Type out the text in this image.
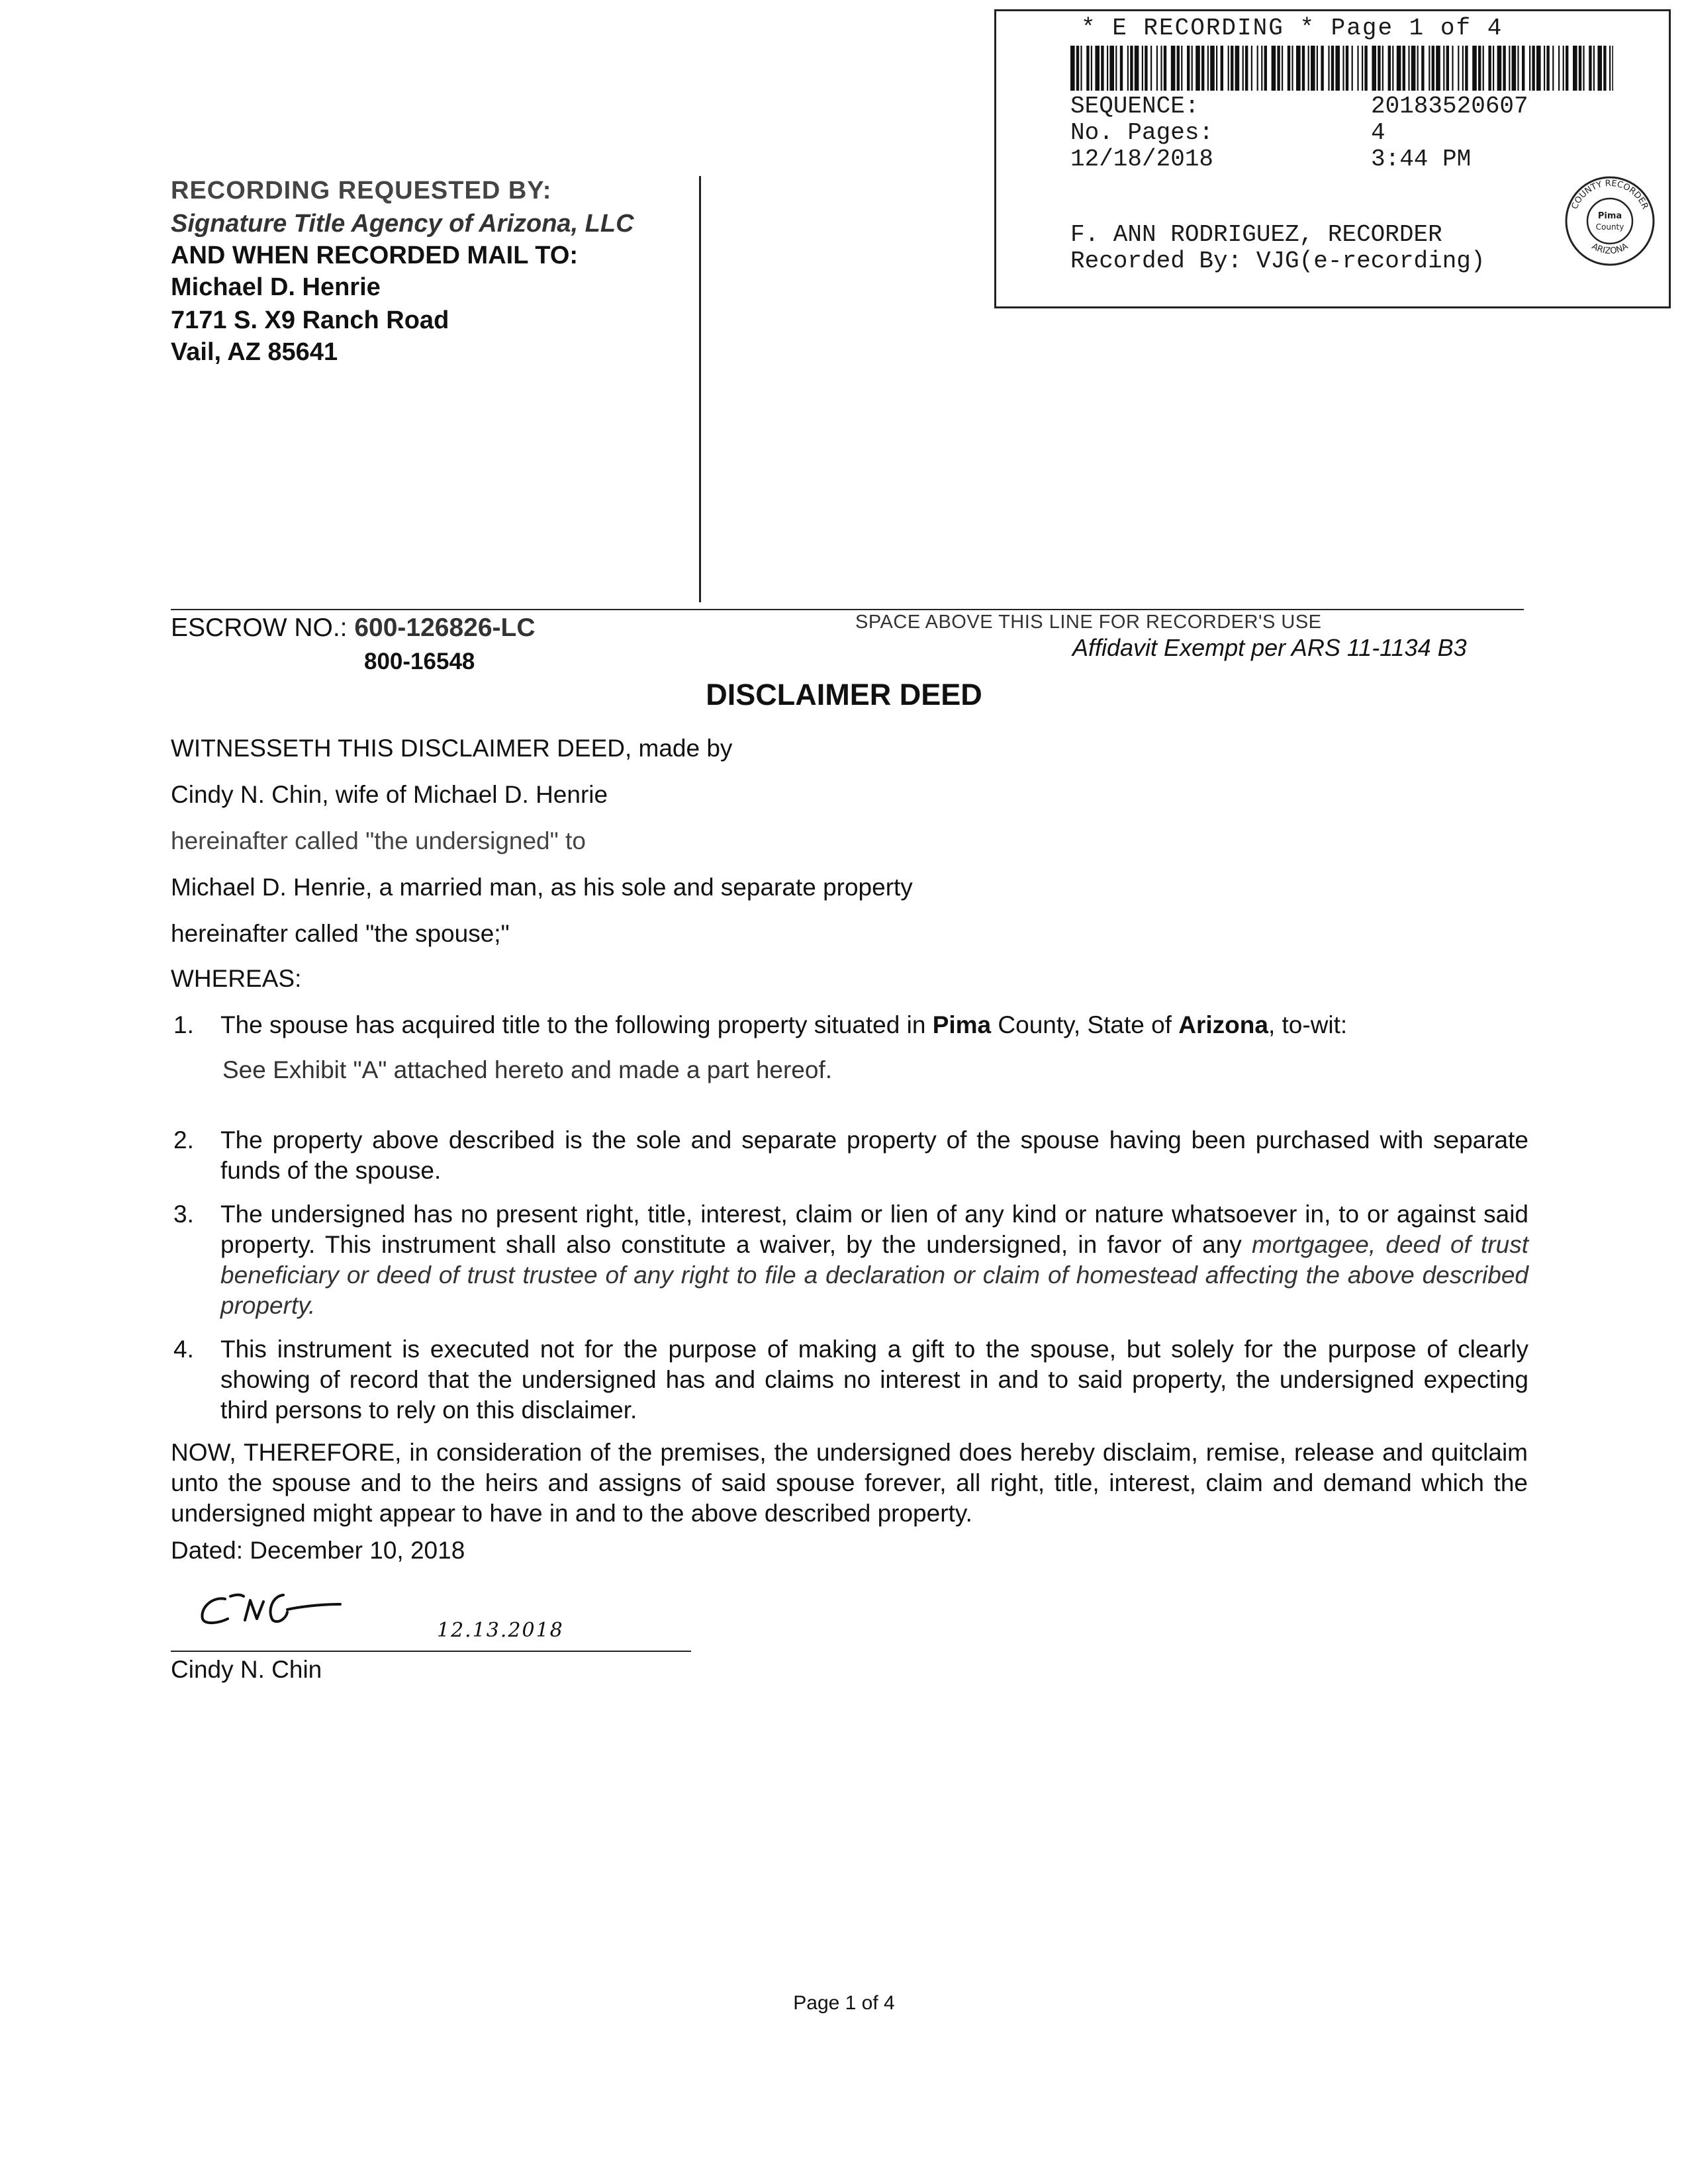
* E RECORDING * Page 1 of 4
SEQUENCE:	20183520607
No. Pages:	4
12/18/2018	3:44 PM
F. ANN RODRIGUEZ, RECORDER
Recorded By: VJG(e-recording)
COUNTY RECORDER
ARIZONA
Pima
County
RECORDING REQUESTED BY:
Signature Title Agency of Arizona, LLC
AND WHEN RECORDED MAIL TO:
Michael D. Henrie
7171 S. X9 Ranch Road
Vail, AZ 85641
ESCROW NO.: 600-126826-LC
800-16548
SPACE ABOVE THIS LINE FOR RECORDER'S USE
Affidavit Exempt per ARS 11-1134 B3
DISCLAIMER DEED
WITNESSETH THIS DISCLAIMER DEED, made by
Cindy N. Chin, wife of Michael D. Henrie
hereinafter called "the undersigned" to
Michael D. Henrie, a married man, as his sole and separate property
hereinafter called "the spouse;"
WHEREAS:
1. The spouse has acquired title to the following property situated in Pima County, State of Arizona, to-wit:
See Exhibit "A" attached hereto and made a part hereof.
2. The property above described is the sole and separate property of the spouse having been purchased with separate funds of the spouse.
3. The undersigned has no present right, title, interest, claim or lien of any kind or nature whatsoever in, to or against said property. This instrument shall also constitute a waiver, by the undersigned, in favor of any mortgagee, deed of trust beneficiary or deed of trust trustee of any right to file a declaration or claim of homestead affecting the above described property.
4. This instrument is executed not for the purpose of making a gift to the spouse, but solely for the purpose of clearly showing of record that the undersigned has and claims no interest in and to said property, the undersigned expecting third persons to rely on this disclaimer.
NOW, THEREFORE, in consideration of the premises, the undersigned does hereby disclaim, remise, release and quitclaim unto the spouse and to the heirs and assigns of said spouse forever, all right, title, interest, claim and demand which the undersigned might appear to have in and to the above described property.
Dated: December 10, 2018
12.13.2018
Cindy N. Chin
Page 1 of 4
